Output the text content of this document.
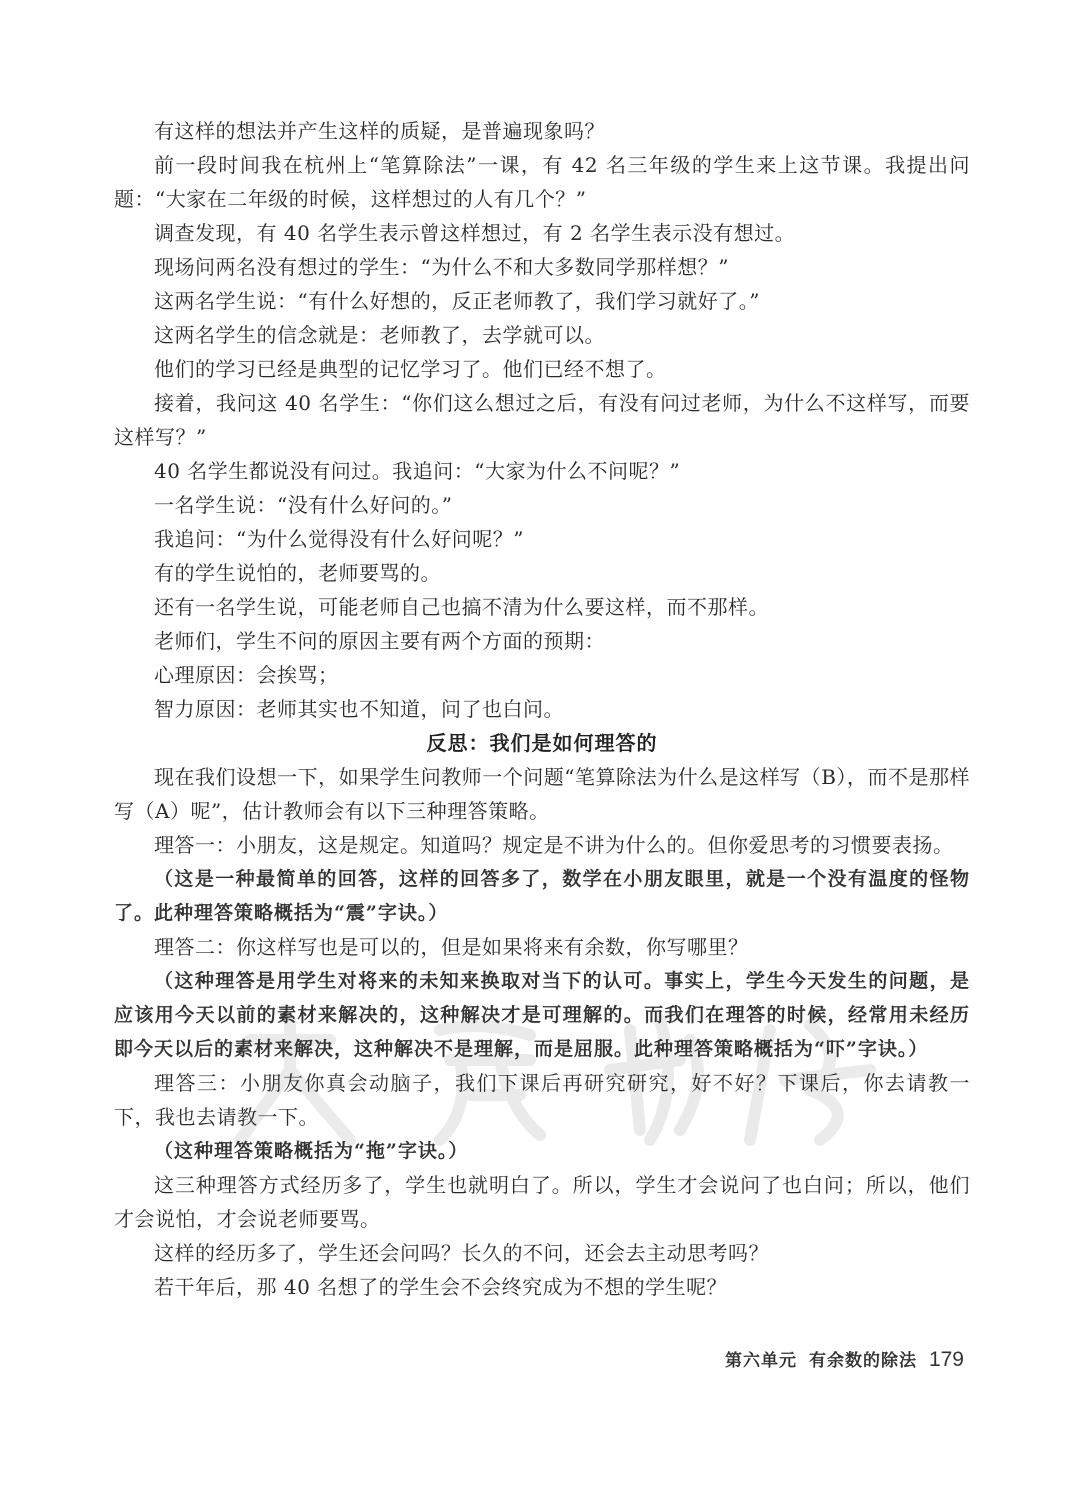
有这样的想法并产生这样的质疑，是普遍现象吗？

前一段时间我在杭州上“笔算除法”一课，有 42 名三年级的学生来上这节课。我提出问题：“大家在二年级的时候，这样想过的人有几个？”

调查发现，有 40 名学生表示曾这样想过，有 2 名学生表示没有想过。

现场问两名没有想过的学生：“为什么不和大多数同学那样想？”

这两名学生说：“有什么好想的，反正老师教了，我们学习就好了。”

这两名学生的信念就是：老师教了，去学就可以。

他们的学习已经是典型的记忆学习了。他们已经不想了。

接着，我问这 40 名学生：“你们这么想过之后，有没有问过老师，为什么不这样写，而要这样写？”

40 名学生都说没有问过。我追问：“大家为什么不问呢？”

一名学生说：“没有什么好问的。”

我追问：“为什么觉得没有什么好问呢？”

有的学生说怕的，老师要骂的。

还有一名学生说，可能老师自己也搞不清为什么要这样，而不那样。

老师们，学生不问的原因主要有两个方面的预期：

心理原因：会挨骂；

智力原因：老师其实也不知道，问了也白问。

反思：我们是如何理答的

现在我们设想一下，如果学生问教师一个问题“笔算除法为什么是这样写（B），而不是那样写（A）呢”，估计教师会有以下三种理答策略。

理答一：小朋友，这是规定。知道吗？规定是不讲为什么的。但你爱思考的习惯要表扬。

（这是一种最简单的回答，这样的回答多了，数学在小朋友眼里，就是一个没有温度的怪物了。此种理答策略概括为“震”字诀。）

理答二：你这样写也是可以的，但是如果将来有余数，你写哪里？

（这种理答是用学生对将来的未知来换取对当下的认可。事实上，学生今天发生的问题，是应该用今天以前的素材来解决的，这种解决才是可理解的。而我们在理答的时候，经常用未经历即今天以后的素材来解决，这种解决不是理解，而是屈服。此种理答策略概括为“吓”字诀。）

理答三：小朋友你真会动脑子，我们下课后再研究研究，好不好？下课后，你去请教一下，我也去请教一下。

（这种理答策略概括为“拖”字诀。）

这三种理答方式经历多了，学生也就明白了。所以，学生才会说问了也白问；所以，他们才会说怕，才会说老师要骂。

这样的经历多了，学生还会问吗？长久的不问，还会去主动思考吗？

若干年后，那 40 名想了的学生会不会终究成为不想的学生呢？

第六单元 有余数的除法 179
